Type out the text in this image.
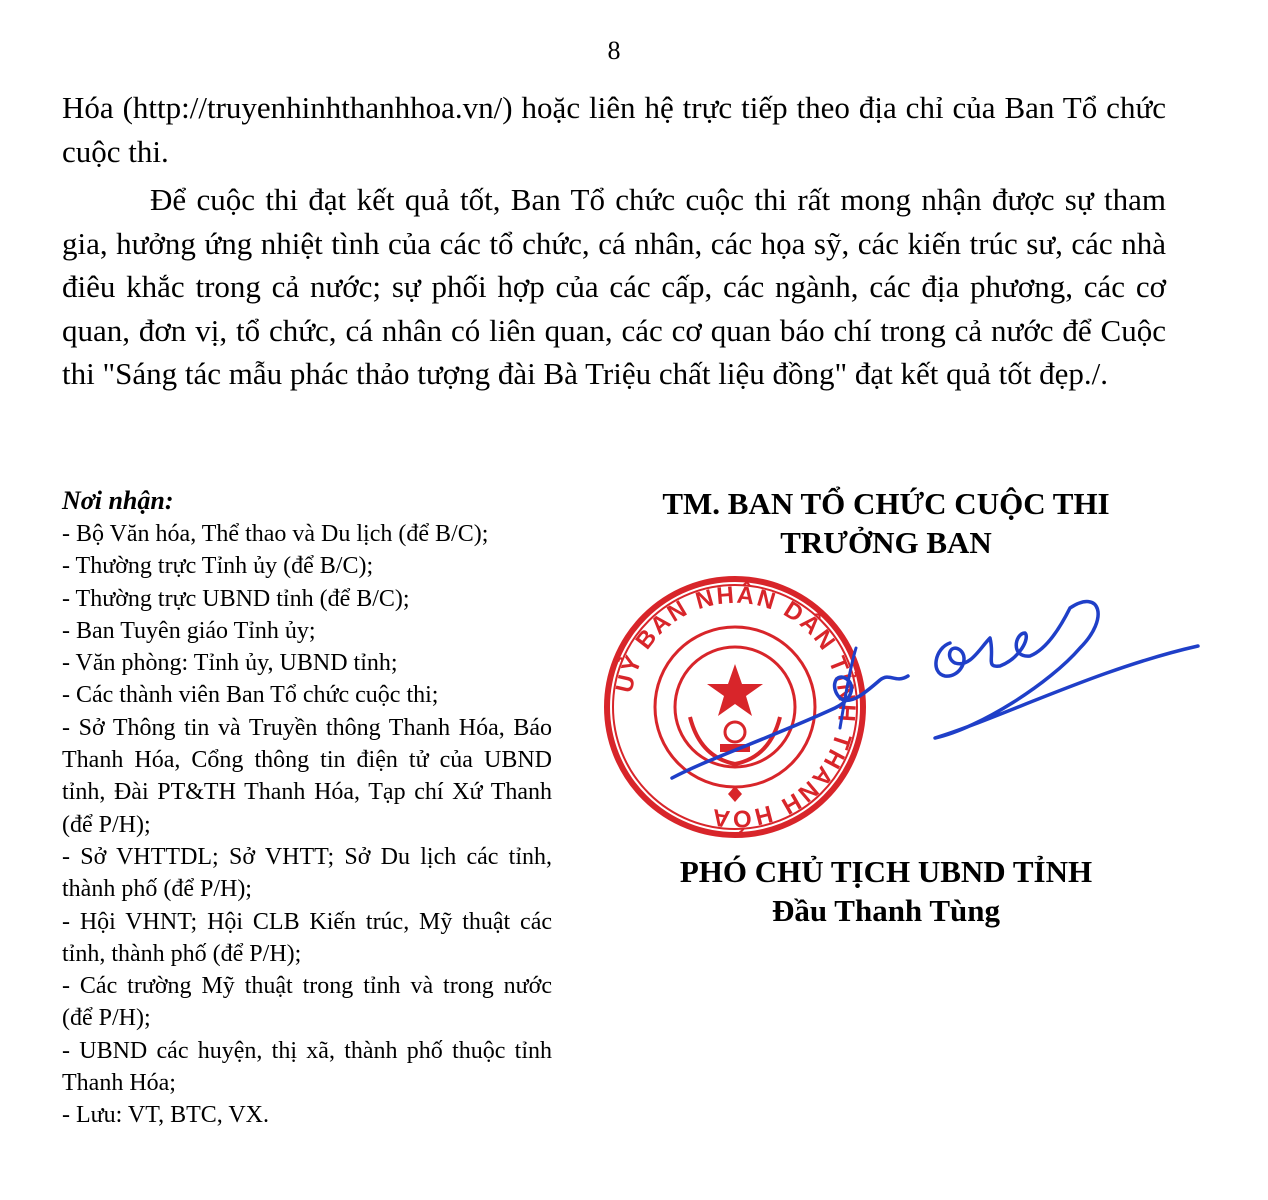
8

Hóa (http://truyenhinhthanhhoa.vn/) hoặc liên hệ trực tiếp theo địa chỉ của Ban Tổ chức cuộc thi.

Để cuộc thi đạt kết quả tốt, Ban Tổ chức cuộc thi rất mong nhận được sự tham gia, hưởng ứng nhiệt tình của các tổ chức, cá nhân, các họa sỹ, các kiến trúc sư, các nhà điêu khắc trong cả nước; sự phối hợp của các cấp, các ngành, các địa phương, các cơ quan, đơn vị, tổ chức, cá nhân có liên quan, các cơ quan báo chí trong cả nước để Cuộc thi "Sáng tác mẫu phác thảo tượng đài Bà Triệu chất liệu đồng" đạt kết quả tốt đẹp./.

Nơi nhận:
- Bộ Văn hóa, Thể thao và Du lịch (để B/C);
- Thường trực Tỉnh ủy (để B/C);
- Thường trực UBND tỉnh (để B/C);
- Ban Tuyên giáo Tỉnh ủy;
- Văn phòng: Tỉnh ủy, UBND tỉnh;
- Các thành viên Ban Tổ chức cuộc thi;
- Sở Thông tin và Truyền thông Thanh Hóa, Báo Thanh Hóa, Cổng thông tin điện tử của UBND tỉnh, Đài PT&TH Thanh Hóa, Tạp chí Xứ Thanh (để P/H);
- Sở VHTTDL; Sở VHTT; Sở Du lịch các tỉnh, thành phố (để P/H);
- Hội VHNT; Hội CLB Kiến trúc, Mỹ thuật các tỉnh, thành phố (để P/H);
- Các trường Mỹ thuật trong tỉnh và trong nước (để P/H);
- UBND các huyện, thị xã, thành phố thuộc tỉnh Thanh Hóa;
- Lưu: VT, BTC, VX.
TM. BAN TỔ CHỨC CUỘC THI
TRƯỞNG BAN
UỶ BAN NHÂN DÂN TỈNH THANH HÓA
PHÓ CHỦ TỊCH UBND TỈNH
Đầu Thanh Tùng
